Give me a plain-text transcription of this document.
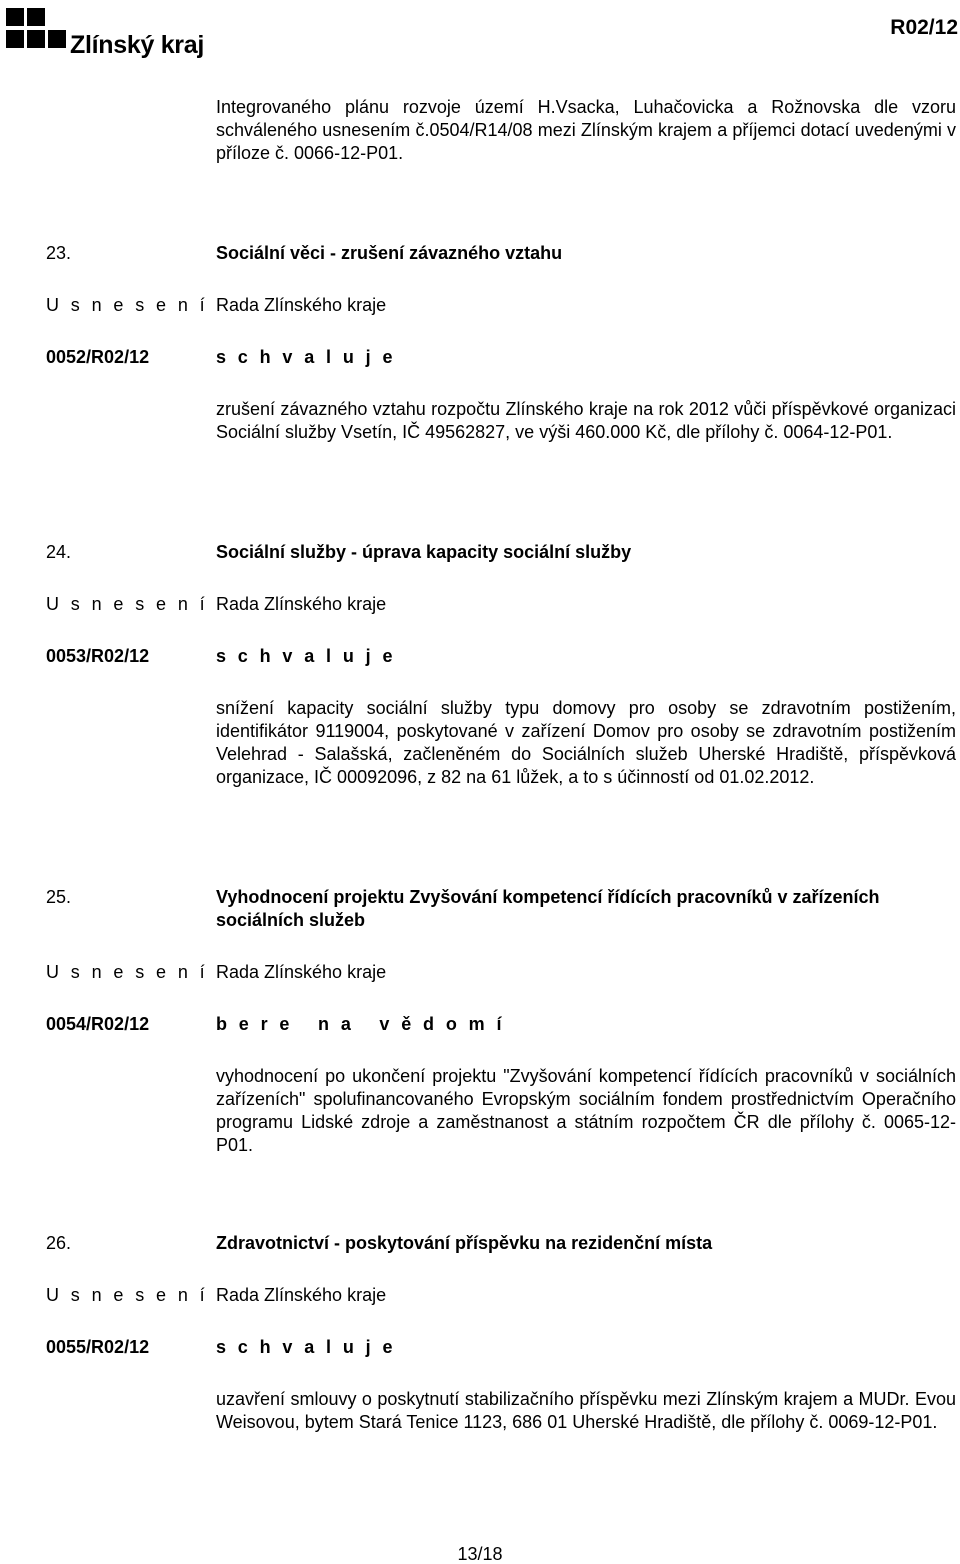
Zlínský kraj
R02/12

Integrovaného plánu rozvoje území H.Vsacka, Luhačovicka a Rožnovska dle vzoru schváleného usnesením č.0504/R14/08 mezi Zlínským krajem a příjemci dotací uvedenými v příloze č. 0066-12-P01.

23.	Sociální věci - zrušení závazného vztahu
U s n e s e n í Rada Zlínského kraje
0052/R02/12	s c h v a l u j e

zrušení závazného vztahu rozpočtu Zlínského kraje na rok 2012 vůči příspěvkové organizaci Sociální služby Vsetín, IČ 49562827, ve výši 460.000 Kč, dle přílohy č. 0064-12-P01.

24.	Sociální služby - úprava kapacity sociální služby
U s n e s e n í Rada Zlínského kraje
0053/R02/12	s c h v a l u j e

snížení kapacity sociální služby typu domovy pro osoby se zdravotním postižením, identifikátor 9119004, poskytované v zařízení Domov pro osoby se zdravotním postižením Velehrad - Salašská, začleněném do Sociálních služeb Uherské Hradiště, příspěvková organizace, IČ 00092096, z 82 na 61 lůžek, a to s účinností od 01.02.2012.

25.	Vyhodnocení projektu Zvyšování kompetencí řídících pracovníků v zařízeních sociálních služeb
U s n e s e n í Rada Zlínského kraje
0054/R02/12	b e r e   n a   v ě d o m í

vyhodnocení po ukončení projektu "Zvyšování kompetencí řídících pracovníků v sociálních zařízeních" spolufinancovaného Evropským sociálním fondem prostřednictvím Operačního programu Lidské zdroje a zaměstnanost a státním rozpočtem ČR dle přílohy č. 0065-12-P01.

26.	Zdravotnictví - poskytování příspěvku na rezidenční místa
U s n e s e n í Rada Zlínského kraje
0055/R02/12	s c h v a l u j e

uzavření smlouvy o poskytnutí stabilizačního příspěvku mezi Zlínským krajem a MUDr. Evou Weisovou, bytem Stará Tenice 1123, 686 01 Uherské Hradiště, dle přílohy č. 0069-12-P01.

13/18
